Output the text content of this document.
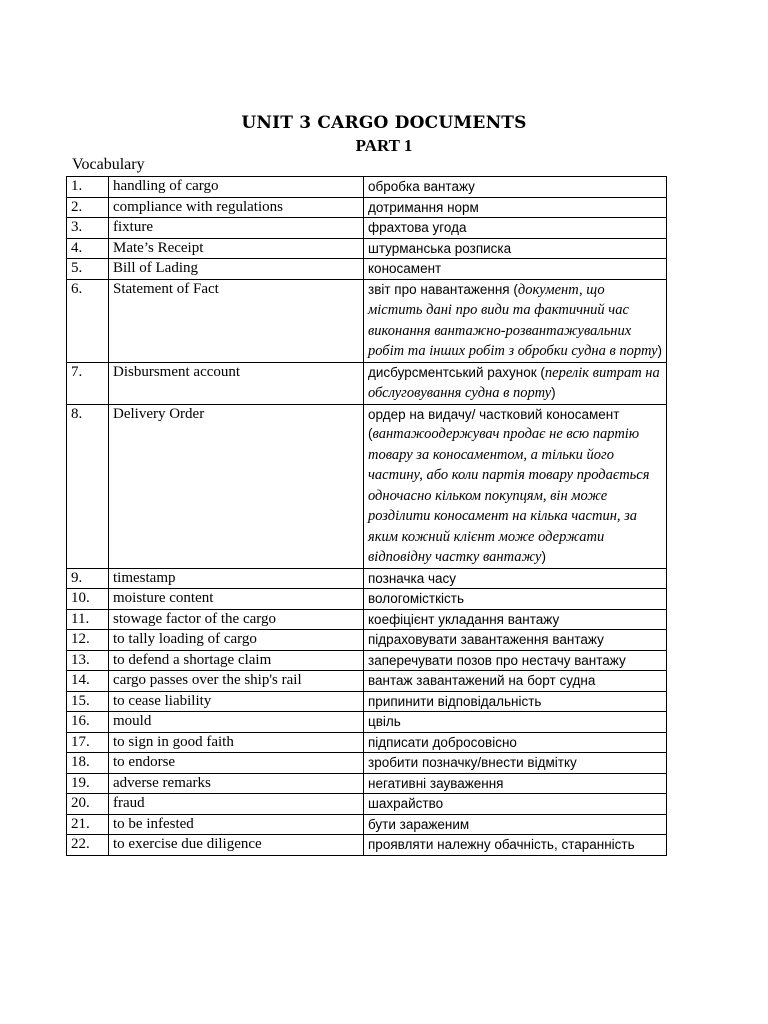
UNIT 3 CARGO DOCUMENTS
PART 1
Vocabulary
1.	handling of cargo	обробка вантажу
2.	compliance with regulations	дотримання норм
3.	fixture	фрахтова угода
4.	Mate’s Receipt	штурманська розписка
5.	Bill of Lading	коносамент
6.	Statement of Fact	звіт про навантаження (документ, що містить дані про види та фактичний час виконання вантажно-розвантажувальних робіт та інших робіт з обробки судна в порту)
7.	Disbursment account	дисбурсментський рахунок (перелік витрат на обслуговування судна в порту)
8.	Delivery Order	ордер на видачу/ частковий коносамент (вантажоодержувач продає не всю партію товару за коносаментом, а тільки його частину, або коли партія товару продається одночасно кільком покупцям, він може розділити коносамент на кілька частин, за яким кожний клієнт може одержати відповідну частку вантажу)
9.	timestamp	позначка часу
10.	moisture content	вологомісткість
11.	stowage factor of the cargo	коефіцієнт укладання вантажу
12.	to tally loading of cargo	підраховувати завантаження вантажу
13.	to defend a shortage claim	заперечувати позов про нестачу вантажу
14.	cargo passes over the ship's rail	вантаж завантажений на борт судна
15.	to cease liability	припинити відповідальність
16.	mould	цвіль
17.	to sign in good faith	підписати добросовісно
18.	to endorse	зробити позначку/внести відмітку
19.	adverse remarks	негативні зауваження
20.	fraud	шахрайство
21.	to be infested	бути зараженим
22.	to exercise due diligence	проявляти належну обачність, старанність
